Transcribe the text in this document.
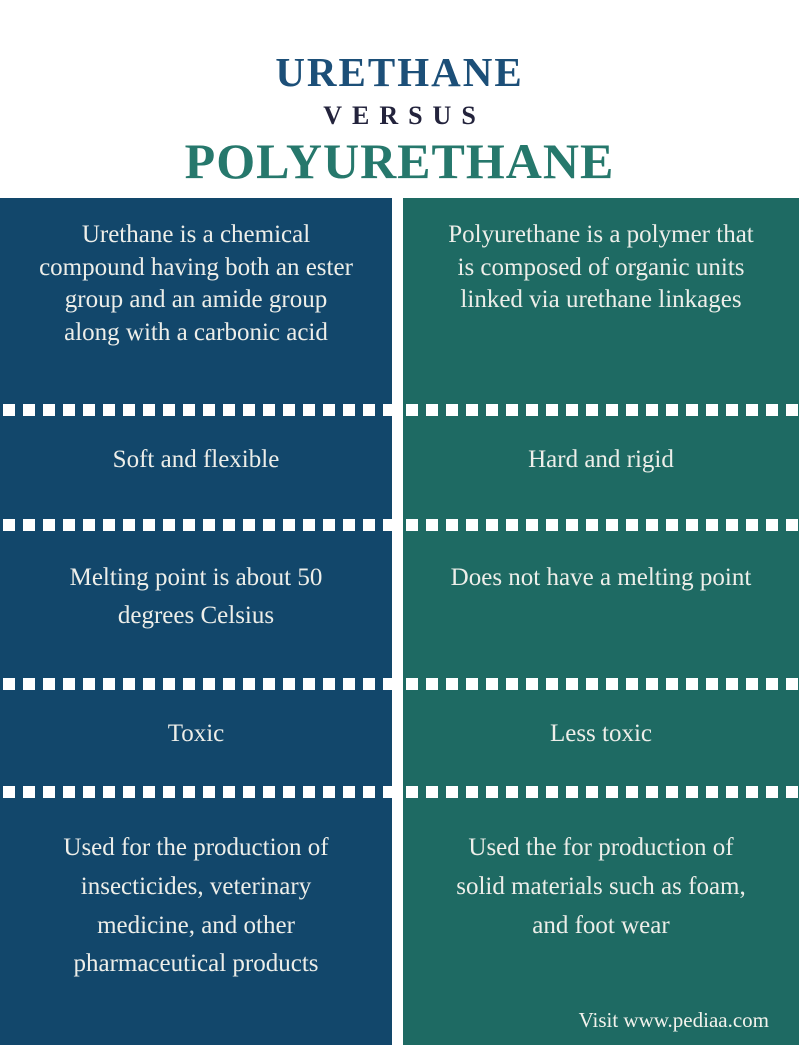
URETHANE
VERSUS
POLYURETHANE
Urethane is a chemical compound having both an ester group and an amide group along with a carbonic acid
Soft and flexible
Melting point is about 50 degrees Celsius
Toxic
Used for the production of insecticides, veterinary medicine, and other pharmaceutical products
Polyurethane is a polymer that is composed of organic units linked via urethane linkages
Hard and rigid
Does not have a melting point
Less toxic
Used the for production of solid materials such as foam, and foot wear
Visit www.pediaa.com
